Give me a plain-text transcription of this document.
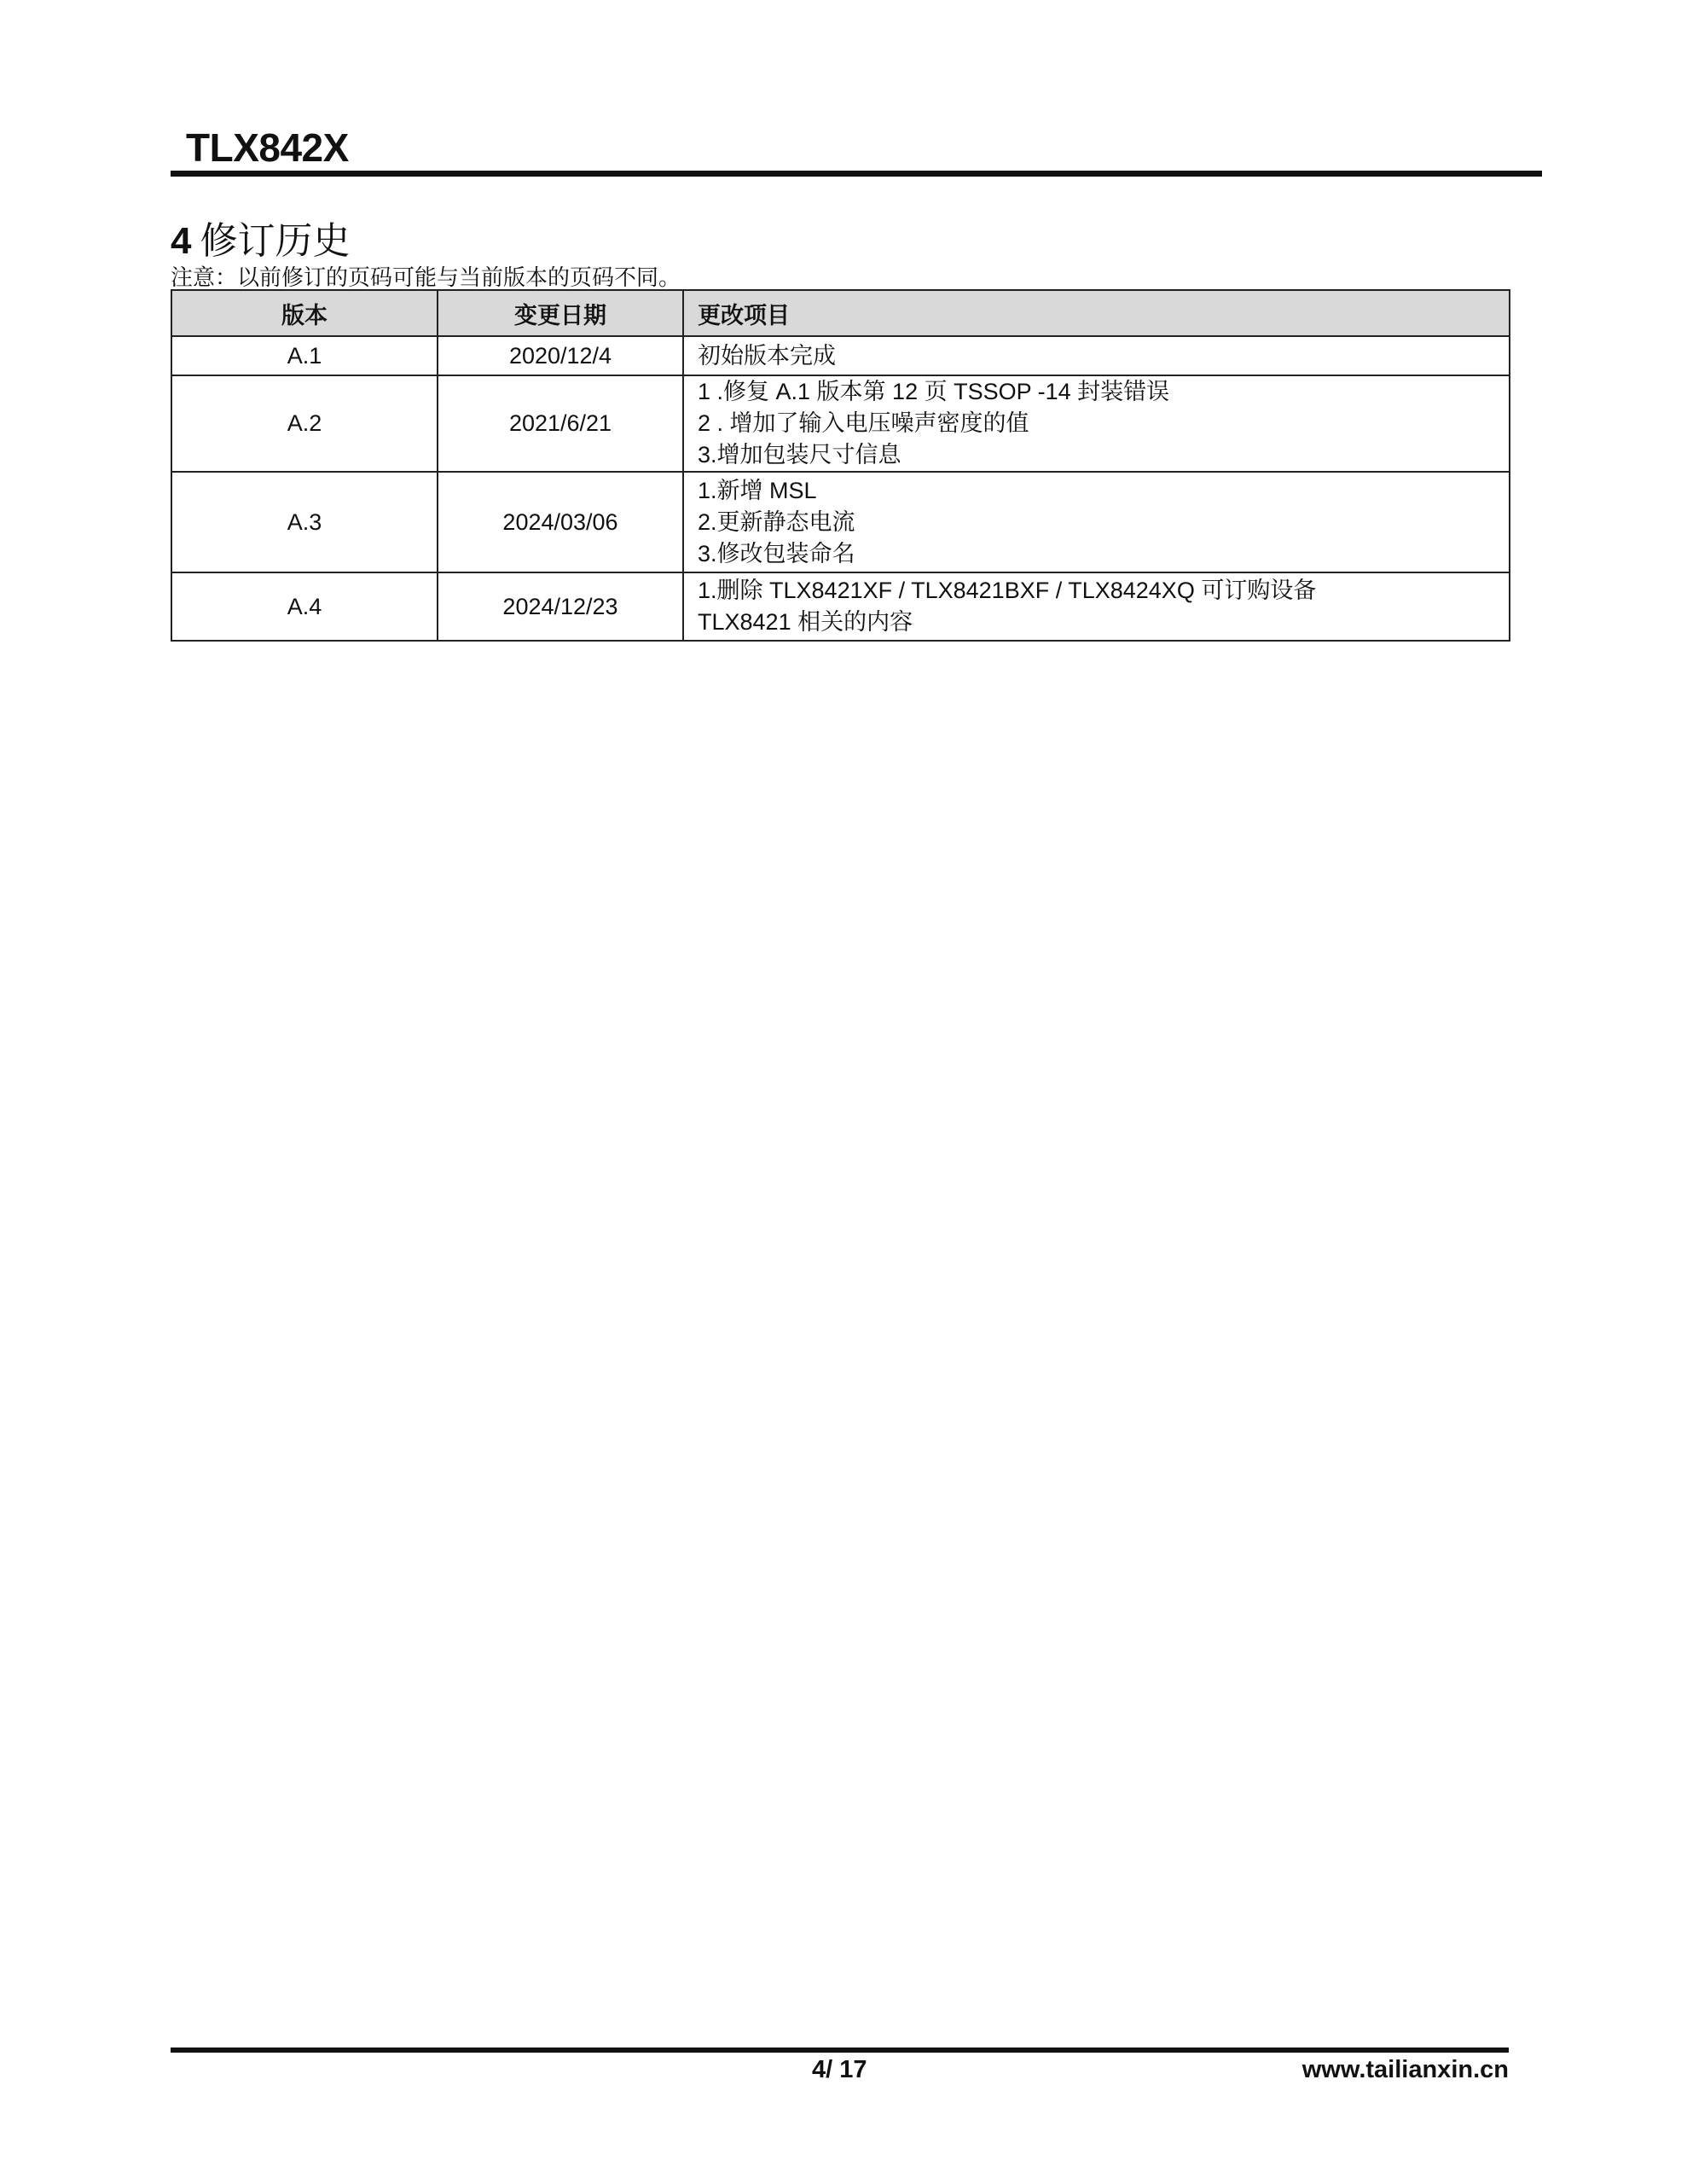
TLX842X
4 修订历史
注意：以前修订的页码可能与当前版本的页码不同。
版本	变更日期	更改项目
A.1	2020/12/4	初始版本完成

A.2	2021/6/21	1 .修复 A.1 版本第 12 页 TSSOP -14 封装错误
2 . 增加了输入电压噪声密度的值
3.增加包装尺寸信息

A.3	2024/03/06	1.新增 MSL
2.更新静态电流
3.修改包装命名

A.4	2024/12/23	1.删除 TLX8421XF / TLX8421BXF / TLX8424XQ 可订购设备
TLX8421 相关的内容
4/ 17	www.tailianxin.cn
